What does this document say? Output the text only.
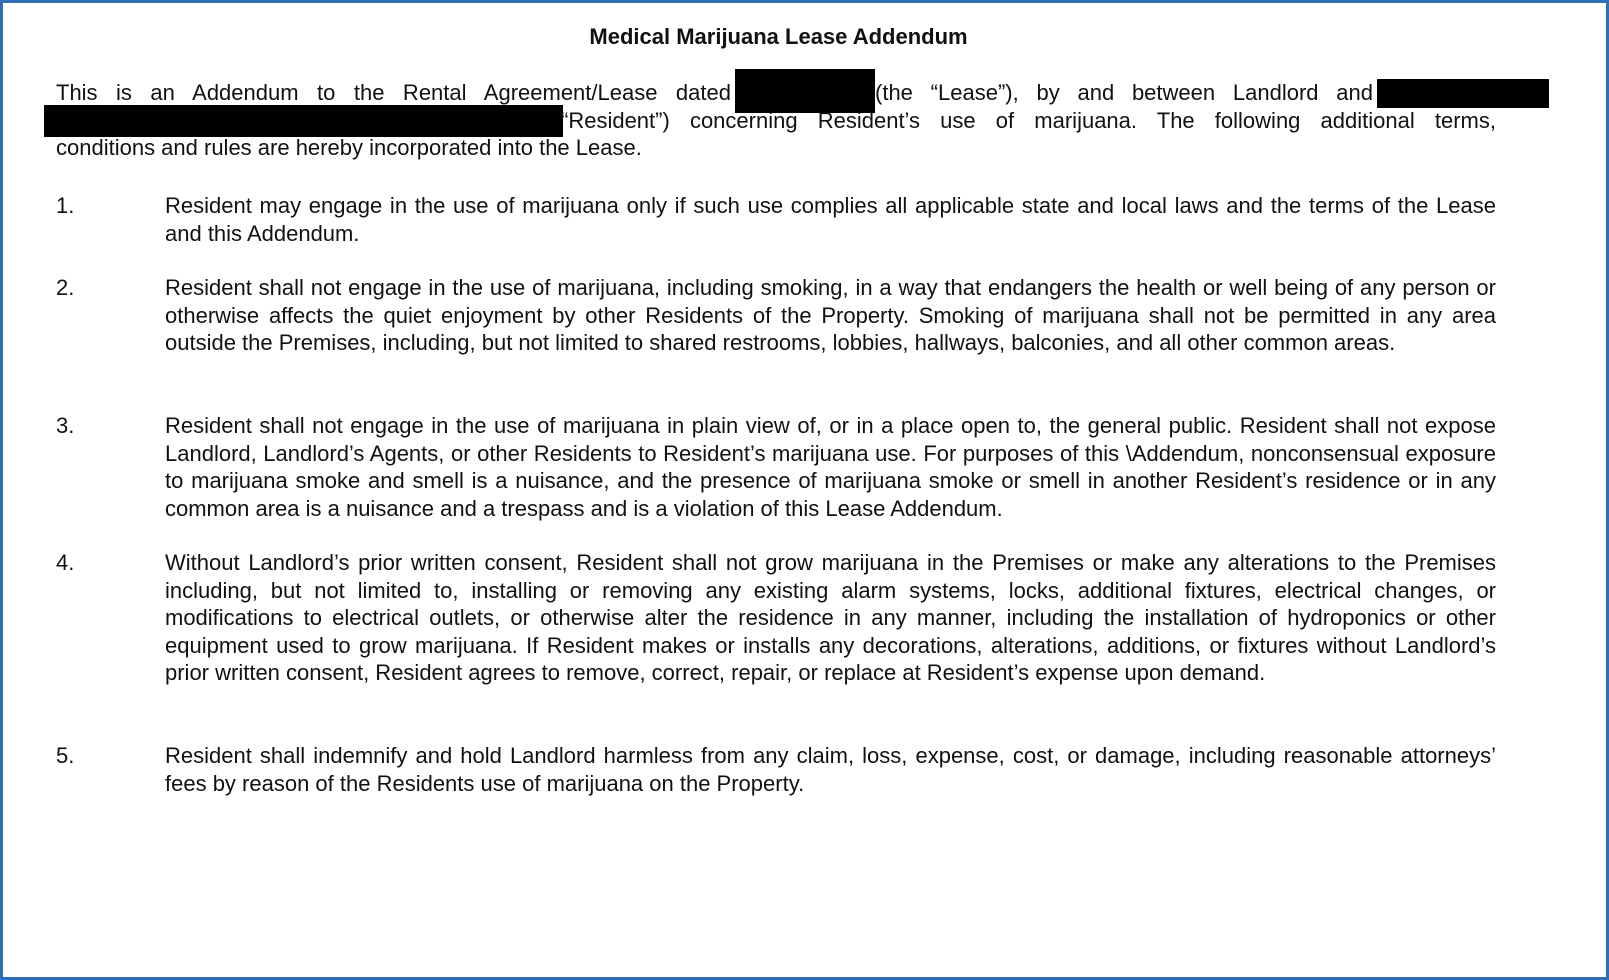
Medical Marijuana Lease Addendum
This is an Addendum to the Rental Agreement/Lease dated	(the “Lease”), by and between Landlord and
“Resident”) concerning Resident’s use of marijuana. The following additional terms,
conditions and rules are hereby incorporated into the Lease.
1.	Resident may engage in the use of marijuana only if such use complies all applicable state and local laws and the terms of the Lease and this Addendum.
2.	Resident shall not engage in the use of marijuana, including smoking, in a way that endangers the health or well being of any person or otherwise affects the quiet enjoyment by other Residents of the Property. Smoking of marijuana shall not be permitted in any area outside the Premises, including, but not limited to shared restrooms, lobbies, hallways, balconies, and all other common areas.
3.	Resident shall not engage in the use of marijuana in plain view of, or in a place open to, the general public. Resident shall not expose Landlord, Landlord’s Agents, or other Residents to Resident’s marijuana use. For purposes of this \Addendum, nonconsensual exposure to marijuana smoke and smell is a nuisance, and the presence of marijuana smoke or smell in another Resident’s residence or in any common area is a nuisance and a trespass and is a violation of this Lease Addendum.
4.	Without Landlord’s prior written consent, Resident shall not grow marijuana in the Premises or make any alterations to the Premises including, but not limited to, installing or removing any existing alarm systems, locks, additional fixtures, electrical changes, or modifications to electrical outlets, or otherwise alter the residence in any manner, including the installation of hydroponics or other equipment used to grow marijuana. If Resident makes or installs any decorations, alterations, additions, or fixtures without Landlord’s prior written consent, Resident agrees to remove, correct, repair, or replace at Resident’s expense upon demand.
5.	Resident shall indemnify and hold Landlord harmless from any claim, loss, expense, cost, or damage, including reasonable attorneys’ fees by reason of the Residents use of marijuana on the Property.
